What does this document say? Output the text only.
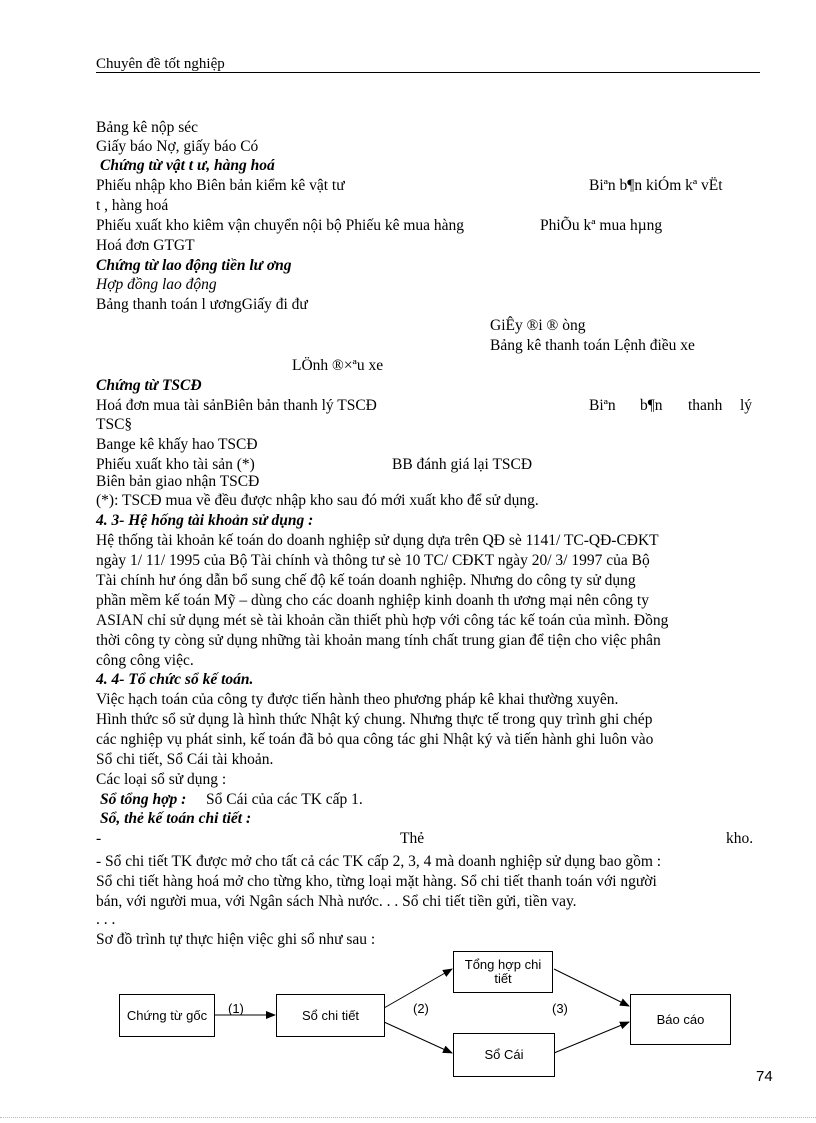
Chuyên đề tốt nghiệp
Bảng kê nộp séc
Giấy báo Nợ, giấy báo Có
Chứng từ vật t ư, hàng hoá
Phiếu nhập kho Biên bản kiểm kê vật tư	Biªn b¶n kiÓm kª vËt
t , hàng hoá
Phiếu xuất kho kiêm vận chuyển nội bộ Phiếu kê mua hàng	PhiÕu kª mua hµng
Hoá đơn GTGT
Chứng từ lao động tiền lư ơng
Hợp đồng lao động
Bảng thanh toán l ươngGiấy đi đư
GiÊy ®i ® òng
Bảng kê thanh toán Lệnh điều xe
LÖnh ®×ªu xe
Chứng từ TSCĐ
Hoá đơn mua tài sảnBiên bản thanh lý TSCĐ	Biªn b¶n thanh lý
TSC§
Bange kê khấy hao TSCĐ
Phiếu xuất kho tài sản (*)	BB đánh giá lại TSCĐ
Biên bản giao nhận TSCĐ
(*): TSCĐ mua về đều được nhập kho sau đó mới xuất kho để sử dụng.
4. 3- Hệ hống tài khoản sử dụng :
Hệ thống tài khoản kế toán do doanh nghiệp sử dụng dựa trên QĐ sè 1141/ TC-QĐ-CĐKT
ngày 1/ 11/ 1995 của Bộ Tài chính và thông tư sè 10 TC/ CĐKT ngày 20/ 3/ 1997 của Bộ
Tài chính hư óng dẫn bổ sung chế độ kế toán doanh nghiệp. Nhưng do công ty sử dụng
phần mềm kế toán Mỹ – dùng cho các doanh nghiệp kinh doanh th ương mại nên công ty
ASIAN chỉ sử dụng mét sè tài khoản cần thiết phù hợp với công tác kế toán của mình. Đồng
thời công ty còng sử dụng những tài khoản mang tính chất trung gian để tiện cho việc phân
công công việc.
4. 4- Tổ chức sổ kế toán.
Việc hạch toán của công ty được tiến hành theo phương pháp kê khai thường xuyên.
Hình thức sổ sử dụng là hình thức Nhật ký chung. Nhưng thực tế trong quy trình ghi chép
các nghiệp vụ phát sinh, kế toán đã bỏ qua công tác ghi Nhật ký và tiến hành ghi luôn vào
Sổ chi tiết, Sổ Cái tài khoản.
Các loại sổ sử dụng :
Sổ tổng hợp : Sổ Cái của các TK cấp 1.
Sổ, thẻ kế toán chi tiết :
-	Thẻ	kho.
- Sổ chi tiết TK được mở cho tất cả các TK cấp 2, 3, 4 mà doanh nghiệp sử dụng bao gồm :
Sổ chi tiết hàng hoá mở cho từng kho, từng loại mặt hàng. Sổ chi tiết thanh toán với người
bán, với người mua, với Ngân sách Nhà nước. . . Sổ chi tiết tiền gửi, tiền vay.
. . .
Sơ đồ trình tự thực hiện việc ghi sổ như sau :
Chứng từ gốc	Sổ chi tiết
Tổng hợp chi tiết
Sổ Cái
Báo cáo
(1)	(2)	(3)
74
